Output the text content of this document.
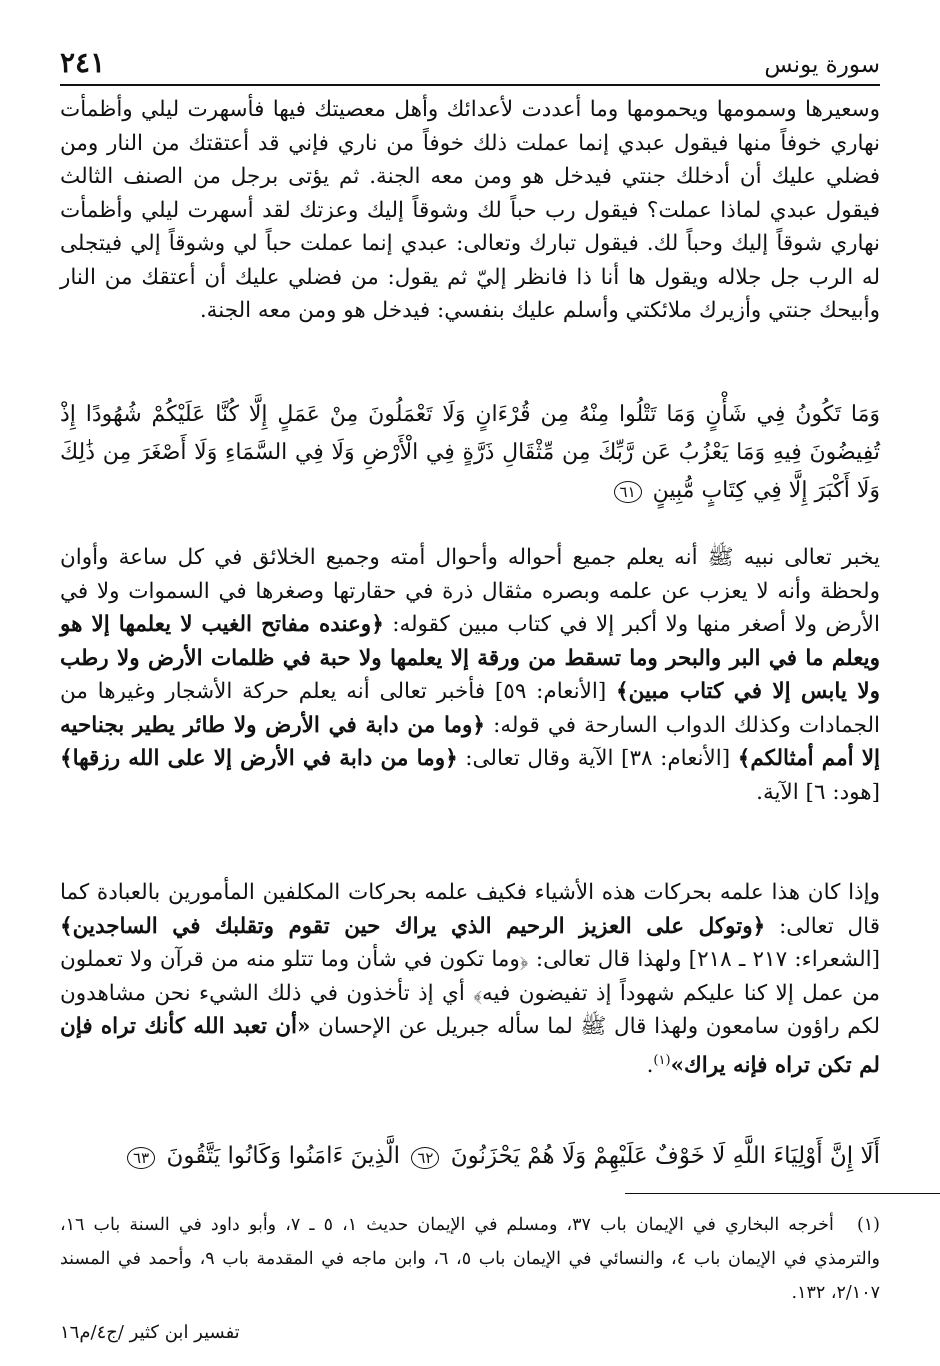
سورة يونس
٢٤١
وسعيرها وسمومها ويحمومها وما أعددت لأعدائك وأهل معصيتك فيها فأسهرت ليلي وأظمأت نهاري خوفاً منها فيقول عبدي إنما عملت ذلك خوفاً من ناري فإني قد أعتقتك من النار ومن فضلي عليك أن أدخلك جنتي فيدخل هو ومن معه الجنة. ثم يؤتى برجل من الصنف الثالث فيقول عبدي لماذا عملت؟ فيقول رب حباً لك وشوقاً إليك وعزتك لقد أسهرت ليلي وأظمأت نهاري شوقاً إليك وحباً لك. فيقول تبارك وتعالى: عبدي إنما عملت حباً لي وشوقاً إلي فيتجلى له الرب جل جلاله ويقول ها أنا ذا فانظر إليّ ثم يقول: من فضلي عليك أن أعتقك من النار وأبيحك جنتي وأزيرك ملائكتي وأسلم عليك بنفسي: فيدخل هو ومن معه الجنة.
وَمَا تَكُونُ فِي شَأْنٍ وَمَا تَتْلُوا مِنْهُ مِن قُرْءَانٍ وَلَا تَعْمَلُونَ مِنْ عَمَلٍ إِلَّا كُنَّا عَلَيْكُمْ شُهُودًا إِذْ تُفِيضُونَ فِيهِ وَمَا يَعْزُبُ عَن رَّبِّكَ مِن مِّثْقَالِ ذَرَّةٍ فِي الْأَرْضِ وَلَا فِي السَّمَاءِ وَلَا أَصْغَرَ مِن ذَٰلِكَ وَلَا أَكْبَرَ إِلَّا فِي كِتَابٍ مُّبِينٍ ٦١

يخبر تعالى نبيه ﷺ أنه يعلم جميع أحواله وأحوال أمته وجميع الخلائق في كل ساعة وأوان ولحظة وأنه لا يعزب عن علمه وبصره مثقال ذرة في حقارتها وصغرها في السموات ولا في الأرض ولا أصغر منها ولا أكبر إلا في كتاب مبين كقوله: ﴿وعنده مفاتح الغيب لا يعلمها إلا هو ويعلم ما في البر والبحر وما تسقط من ورقة إلا يعلمها ولا حبة في ظلمات الأرض ولا رطب ولا يابس إلا في كتاب مبين﴾ [الأنعام: ٥٩] فأخبر تعالى أنه يعلم حركة الأشجار وغيرها من الجمادات وكذلك الدواب السارحة في قوله: ﴿وما من دابة في الأرض ولا طائر يطير بجناحيه إلا أمم أمثالكم﴾ [الأنعام: ٣٨] الآية وقال تعالى: ﴿وما من دابة في الأرض إلا على الله رزقها﴾ [هود: ٦] الآية.

وإذا كان هذا علمه بحركات هذه الأشياء فكيف علمه بحركات المكلفين المأمورين بالعبادة كما قال تعالى: ﴿وتوكل على العزيز الرحيم الذي يراك حين تقوم وتقلبك في الساجدين﴾ [الشعراء: ٢١٧ ـ ٢١٨] ولهذا قال تعالى: ﴿وما تكون في شأن وما تتلو منه من قرآن ولا تعملون من عمل إلا كنا عليكم شهوداً إذ تفيضون فيه﴾ أي إذ تأخذون في ذلك الشيء نحن مشاهدون لكم راؤون سامعون ولهذا قال ﷺ لما سأله جبريل عن الإحسان «أن تعبد الله كأنك تراه فإن لم تكن تراه فإنه يراك»$^{(١)}$.

أَلَا إِنَّ أَوْلِيَاءَ اللَّهِ لَا خَوْفٌ عَلَيْهِمْ وَلَا هُمْ يَحْزَنُونَ ٦٢ الَّذِينَ ءَامَنُوا وَكَانُوا يَتَّقُونَ ٦٣
(١) أخرجه البخاري في الإيمان باب ٣٧، ومسلم في الإيمان حديث ١، ٥ ـ ٧، وأبو داود في السنة باب ١٦، والترمذي في الإيمان باب ٤، والنسائي في الإيمان باب ٥، ٦، وابن ماجه في المقدمة باب ٩، وأحمد في المسند ٢/١٠٧، ١٣٢.
تفسير ابن كثير /ج٤/م١٦
